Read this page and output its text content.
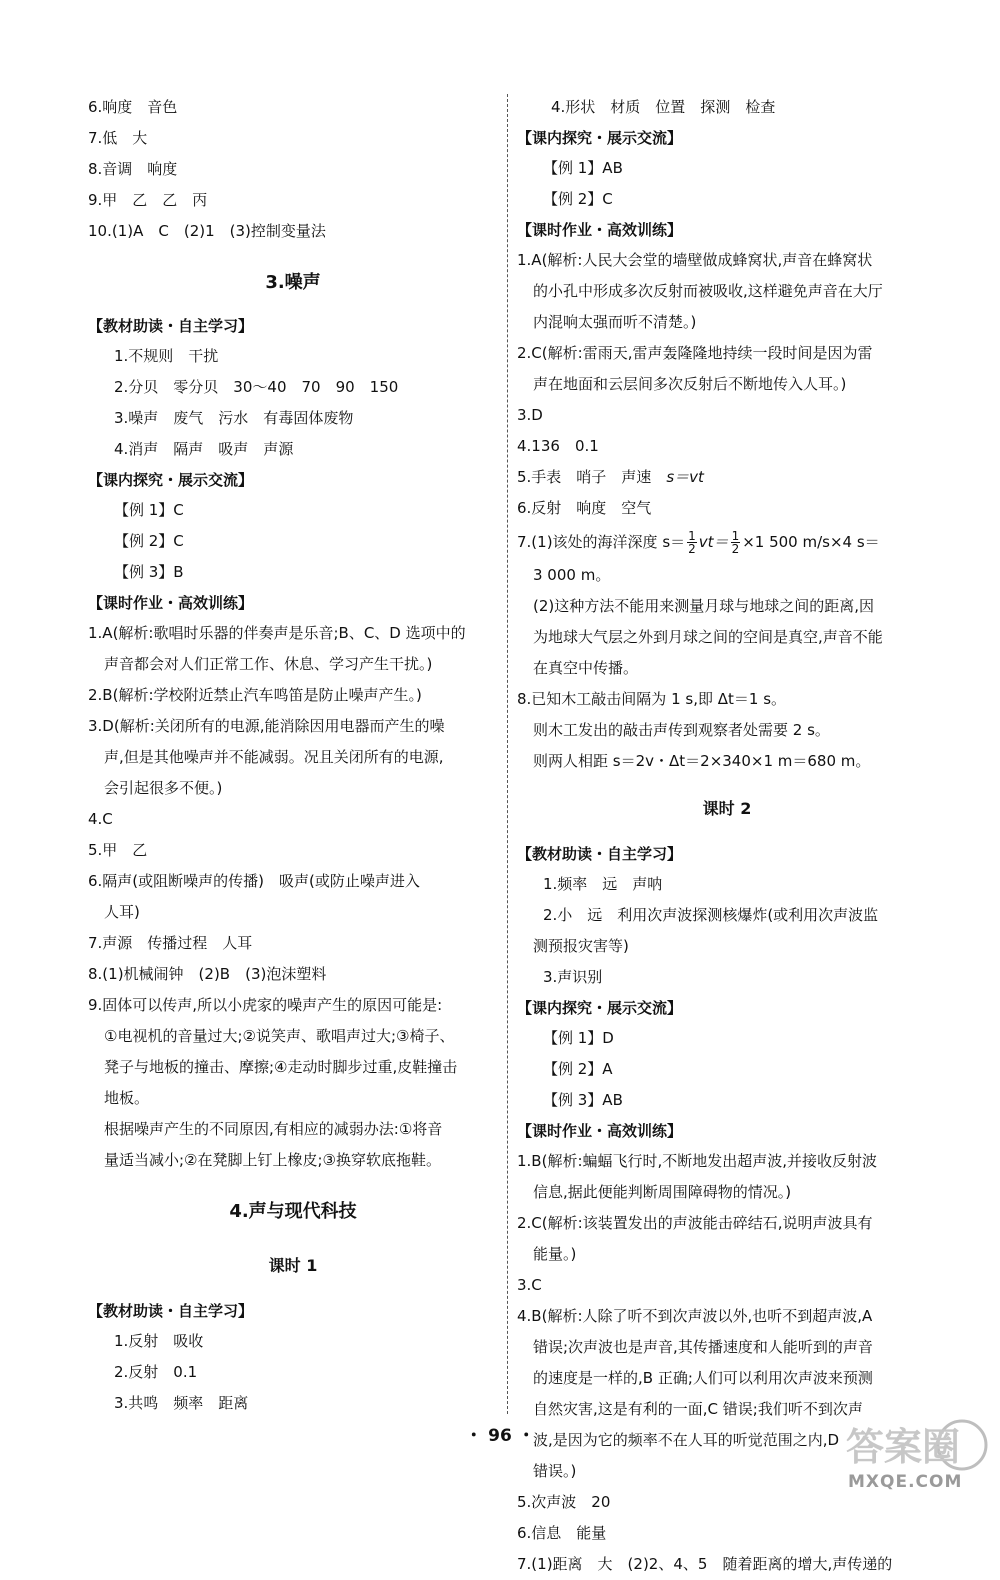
6.响度　音色

7.低　大

8.音调　响度

9.甲　乙　乙　丙

10.(1)A　C　(2)1　(3)控制变量法

3.噪声
【教材助读・自主学习】

1.不规则　干扰

2.分贝　零分贝　30～40　70　90　150

3.噪声　废气　污水　有毒固体废物

4.消声　隔声　吸声　声源

【课内探究・展示交流】

【例 1】C

【例 2】C

【例 3】B

【课时作业・高效训练】

1.A(解析:歌唱时乐器的伴奏声是乐音;B、C、D 选项中的

声音都会对人们正常工作、休息、学习产生干扰。)

2.B(解析:学校附近禁止汽车鸣笛是防止噪声产生。)

3.D(解析:关闭所有的电源,能消除因用电器而产生的噪

声,但是其他噪声并不能减弱。况且关闭所有的电源,

会引起很多不便。)

4.C

5.甲　乙

6.隔声(或阻断噪声的传播)　吸声(或防止噪声进入

人耳)

7.声源　传播过程　人耳

8.(1)机械闹钟　(2)B　(3)泡沫塑料

9.固体可以传声,所以小虎家的噪声产生的原因可能是:

①电视机的音量过大;②说笑声、歌唱声过大;③椅子、

凳子与地板的撞击、摩擦;④走动时脚步过重,皮鞋撞击

地板。

根据噪声产生的不同原因,有相应的减弱办法:①将音

量适当减小;②在凳脚上钉上橡皮;③换穿软底拖鞋。

4.声与现代科技
课时 1
【教材助读・自主学习】

1.反射　吸收

2.反射　0.1

3.共鸣　频率　距离

4.形状　材质　位置　探测　检查

【课内探究・展示交流】

【例 1】AB

【例 2】C

【课时作业・高效训练】

1.A(解析:人民大会堂的墙壁做成蜂窝状,声音在蜂窝状

的小孔中形成多次反射而被吸收,这样避免声音在大厅

内混响太强而听不清楚。)

2.C(解析:雷雨天,雷声轰隆隆地持续一段时间是因为雷

声在地面和云层间多次反射后不断地传入人耳。)

3.D

4.136　0.1

5.手表　哨子　声速　s＝vt

6.反射　响度　空气

7.(1)该处的海洋深度 $s= \frac{1}{2} vt= \frac{1}{2} \times 1$ 500 m/s×4 s＝

3 000 m。

(2)这种方法不能用来测量月球与地球之间的距离,因

为地球大气层之外到月球之间的空间是真空,声音不能

在真空中传播。

8.已知木工敲击间隔为 1 s,即 Δt＝1 s。

则木工发出的敲击声传到观察者处需要 2 s。

则两人相距 s＝2v・Δt＝2×340×1 m＝680 m。

课时 2
【教材助读・自主学习】

1.频率　远　声呐

2.小　远　利用次声波探测核爆炸(或利用次声波监

测预报灾害等)

3.声识别

【课内探究・展示交流】

【例 1】D

【例 2】A

【例 3】AB

【课时作业・高效训练】

1.B(解析:蝙蝠飞行时,不断地发出超声波,并接收反射波

信息,据此便能判断周围障碍物的情况。)

2.C(解析:该装置发出的声波能击碎结石,说明声波具有

能量。)

3.C

4.B(解析:人除了听不到次声波以外,也听不到超声波,A

错误;次声波也是声音,其传播速度和人能听到的声音

的速度是一样的,B 正确;人们可以利用次声波来预测

自然灾害,这是有利的一面,C 错误;我们听不到次声

波,是因为它的频率不在人耳的听觉范围之内,D

错误。)

5.次声波　20

6.信息　能量

7.(1)距离　大　(2)2、4、5　随着距离的增大,声传递的

・ 96 ・	答案圈
MXQE.COM
